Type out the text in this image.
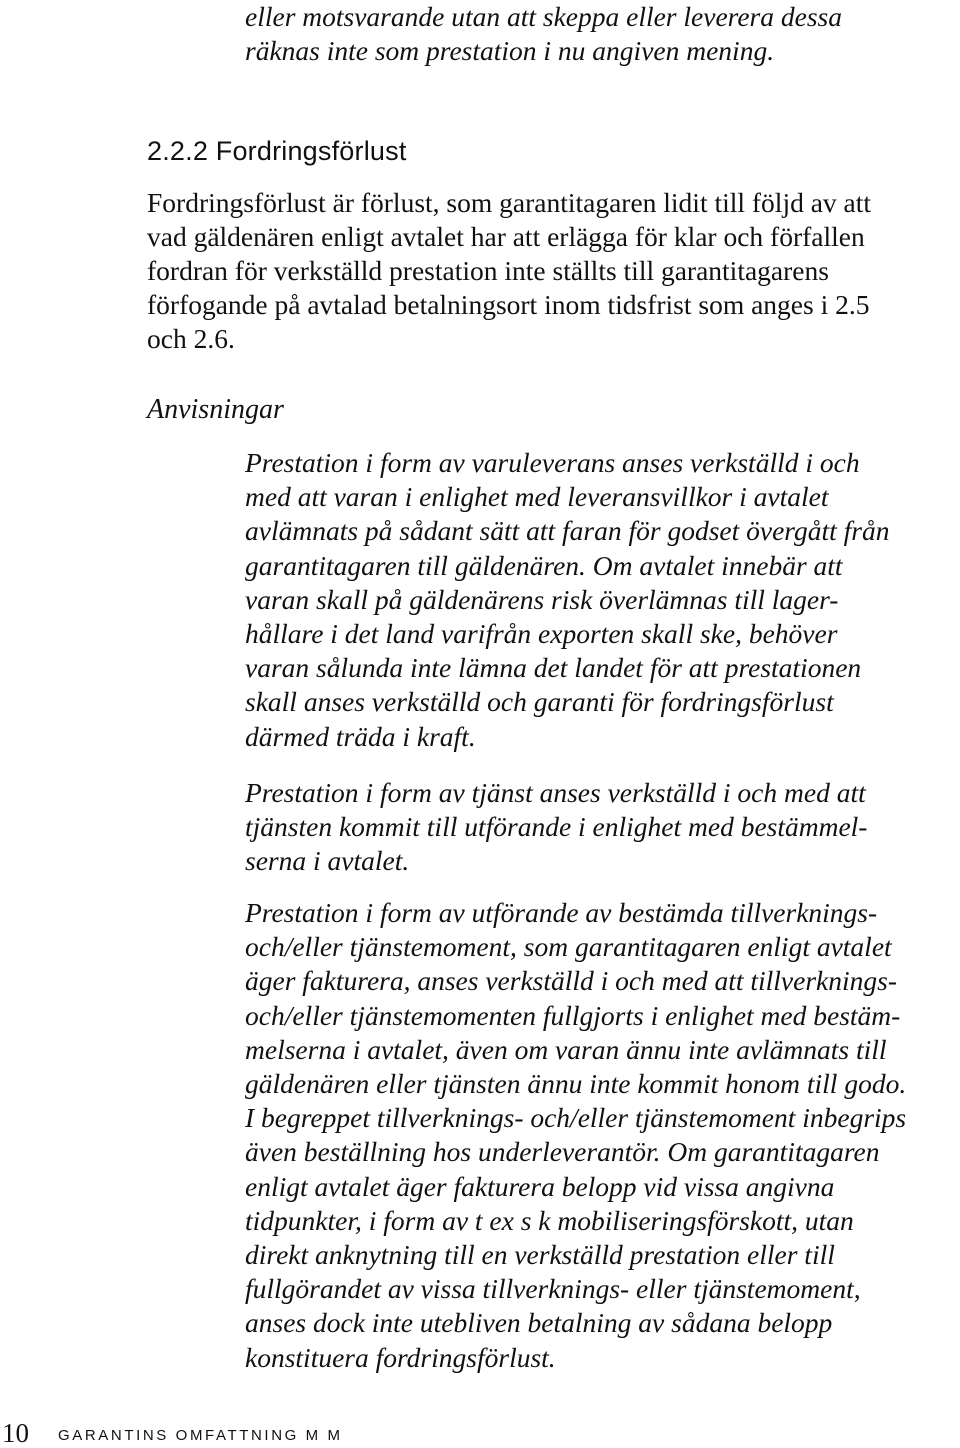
eller motsvarande utan att skeppa eller leverera dessa
räknas inte som prestation i nu angiven mening.
2.2.2 Fordringsförlust
Fordringsförlust är förlust, som garantitagaren lidit till följd av att
vad gäldenären enligt avtalet har att erlägga för klar och förfallen
fordran för verkställd prestation inte ställts till garantitagarens
förfogande på avtalad betalningsort inom tidsfrist som anges i 2.5
och 2.6.
Anvisningar
Prestation i form av varuleverans anses verkställd i och
med att varan i enlighet med leveransvillkor i avtalet
avlämnats på sådant sätt att faran för godset övergått från
garantitagaren till gäldenären. Om avtalet innebär att
varan skall på gäldenärens risk överlämnas till lager-
hållare i det land varifrån exporten skall ske, behöver
varan sålunda inte lämna det landet för att prestationen
skall anses verkställd och garanti för fordringsförlust
därmed träda i kraft.
Prestation i form av tjänst anses verkställd i och med att
tjänsten kommit till utförande i enlighet med bestämmel-
serna i avtalet.
Prestation i form av utförande av bestämda tillverknings-
och/eller tjänstemoment, som garantitagaren enligt avtalet
äger fakturera, anses verkställd i och med att tillverknings-
och/eller tjänstemomenten fullgjorts i enlighet med bestäm-
melserna i avtalet, även om varan ännu inte avlämnats till
gäldenären eller tjänsten ännu inte kommit honom till godo.
I begreppet tillverknings- och/eller tjänstemoment inbegrips
även beställning hos underleverantör. Om garantitagaren
enligt avtalet äger fakturera belopp vid vissa angivna
tidpunkter, i form av t ex s k mobiliseringsförskott, utan
direkt anknytning till en verkställd prestation eller till
fullgörandet av vissa tillverknings- eller tjänstemoment,
anses dock inte utebliven betalning av sådana belopp
konstituera fordringsförlust.
10 GARANTINS OMFATTNING M M
